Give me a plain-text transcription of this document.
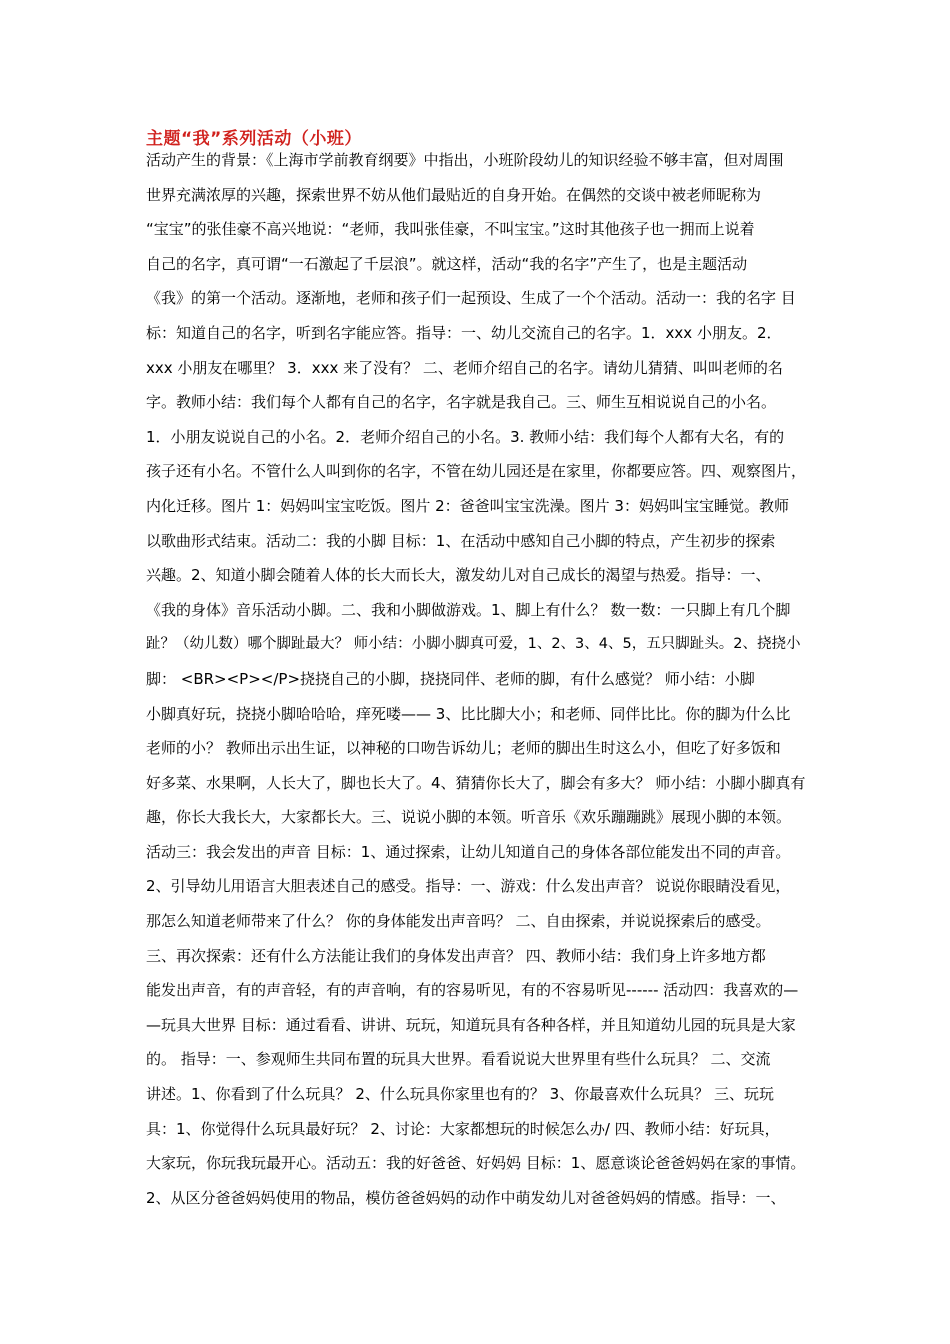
主题“我”系列活动（小班）
活动产生的背景：《上海市学前教育纲要》中指出，小班阶段幼儿的知识经验不够丰富，但对周围
世界充满浓厚的兴趣，探索世界不妨从他们最贴近的自身开始。在偶然的交谈中被老师昵称为
“宝宝”的张佳豪不高兴地说：“老师，我叫张佳豪，不叫宝宝。”这时其他孩子也一拥而上说着
自己的名字，真可谓“一石激起了千层浪”。就这样，活动“我的名字”产生了，也是主题活动
《我》的第一个活动。逐渐地，老师和孩子们一起预设、生成了一个个活动。活动一：我的名字 目
标：知道自己的名字，听到名字能应答。指导：一、幼儿交流自己的名字。1．xxx 小朋友。2．
xxx 小朋友在哪里？ 3．xxx 来了没有？ 二、老师介绍自己的名字。请幼儿猜猜、叫叫老师的名
字。教师小结：我们每个人都有自己的名字，名字就是我自己。三、师生互相说说自己的小名。
1．小朋友说说自己的小名。2．老师介绍自己的小名。3. 教师小结：我们每个人都有大名，有的
孩子还有小名。不管什么人叫到你的名字，不管在幼儿园还是在家里，你都要应答。四、观察图片，
内化迁移。图片 1：妈妈叫宝宝吃饭。图片 2：爸爸叫宝宝洗澡。图片 3：妈妈叫宝宝睡觉。教师
以歌曲形式结束。活动二：我的小脚 目标：1、在活动中感知自己小脚的特点，产生初步的探索
兴趣。2、知道小脚会随着人体的长大而长大，激发幼儿对自己成长的渴望与热爱。指导：一、
《我的身体》音乐活动小脚。二、我和小脚做游戏。1、脚上有什么？ 数一数：一只脚上有几个脚
趾？（幼儿数）哪个脚趾最大？ 师小结：小脚小脚真可爱，1、2、3、4、5，五只脚趾头。2、挠挠小
脚： <BR><P></P>挠挠自己的小脚，挠挠同伴、老师的脚，有什么感觉？ 师小结：小脚
小脚真好玩，挠挠小脚哈哈哈，痒死喽—— 3、比比脚大小；和老师、同伴比比。你的脚为什么比
老师的小？ 教师出示出生证，以神秘的口吻告诉幼儿；老师的脚出生时这么小，但吃了好多饭和
好多菜、水果啊，人长大了，脚也长大了。4、猜猜你长大了，脚会有多大？ 师小结：小脚小脚真有
趣，你长大我长大，大家都长大。三、说说小脚的本领。听音乐《欢乐蹦蹦跳》展现小脚的本领。
活动三：我会发出的声音 目标：1、通过探索，让幼儿知道自己的身体各部位能发出不同的声音。
2、引导幼儿用语言大胆表述自己的感受。指导：一、游戏：什么发出声音？ 说说你眼睛没看见，
那怎么知道老师带来了什么？ 你的身体能发出声音吗？ 二、自由探索，并说说探索后的感受。
三、再次探索：还有什么方法能让我们的身体发出声音？ 四、教师小结：我们身上许多地方都
能发出声音，有的声音轻，有的声音响，有的容易听见，有的不容易听见------ 活动四：我喜欢的—
—玩具大世界 目标：通过看看、讲讲、玩玩，知道玩具有各种各样，并且知道幼儿园的玩具是大家
的。 指导：一、参观师生共同布置的玩具大世界。看看说说大世界里有些什么玩具？ 二、交流
讲述。1、你看到了什么玩具？ 2、什么玩具你家里也有的？ 3、你最喜欢什么玩具？ 三、玩玩
具：1、你觉得什么玩具最好玩？ 2、讨论：大家都想玩的时候怎么办/ 四、教师小结：好玩具，
大家玩，你玩我玩最开心。活动五：我的好爸爸、好妈妈 目标：1、愿意谈论爸爸妈妈在家的事情。
2、从区分爸爸妈妈使用的物品，模仿爸爸妈妈的动作中萌发幼儿对爸爸妈妈的情感。指导：一、
